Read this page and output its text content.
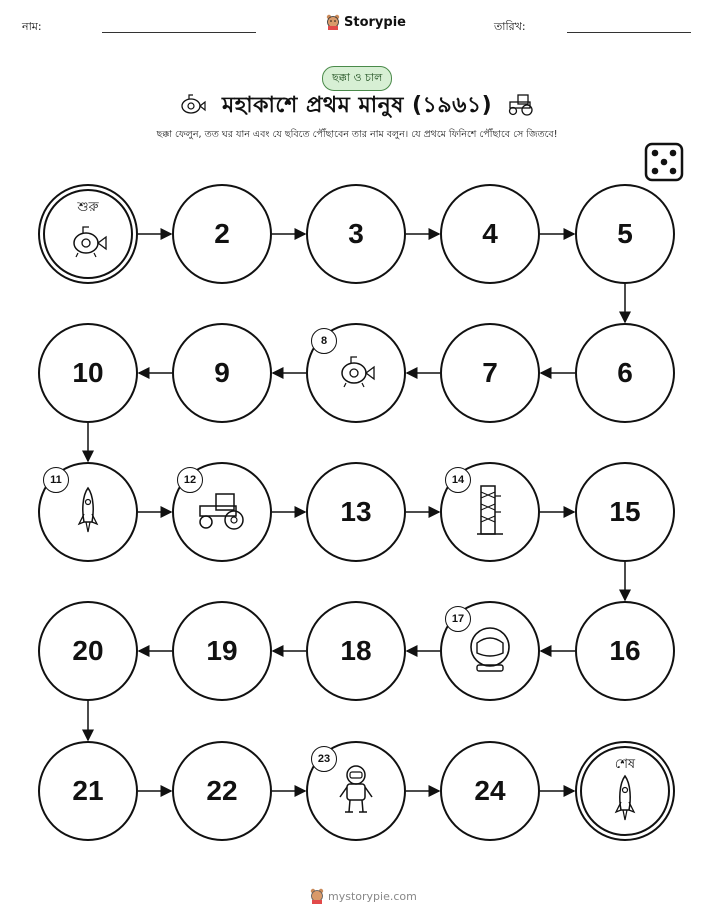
নাম:	Storypie	তারিখ:
ছক্কা ও চাল
মহাকাশে প্রথম মানুষ (১৯৬১)
ছক্কা ফেলুন, তত ঘর যান এবং যে ছবিতে পৌঁছাবেন তার নাম বলুন। যে প্রথমে ফিনিশে পৌঁছাবে সে জিতবে!
শুরু
2	3	4	5
6
7
8
9
10
11	12
13
14
15
16
17
18
19
20
21	22
23
24
শেষ
mystorypie.com
